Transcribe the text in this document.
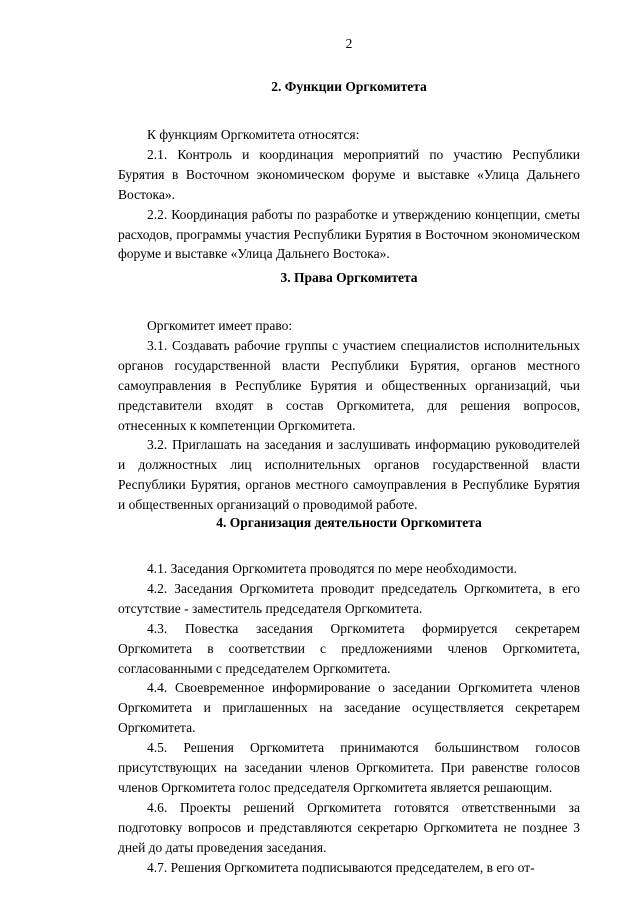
2
2. Функции Оргкомитета

К функциям Оргкомитета относятся:

2.1. Контроль и координация мероприятий по участию Республики Бурятия в Восточном экономическом форуме и выставке «Улица Дальнего Востока».

2.2. Координация работы по разработке и утверждению концепции, сметы расходов, программы участия Республики Бурятия в Восточном экономическом форуме и выставке «Улица Дальнего Востока».

3. Права Оргкомитета

Оргкомитет имеет право:

3.1. Создавать рабочие группы с участием специалистов исполнительных органов государственной власти Республики Бурятия, органов местного самоуправления в Республике Бурятия и общественных организаций, чьи представители входят в состав Оргкомитета, для решения вопросов, отнесенных к компетенции Оргкомитета.

3.2. Приглашать на заседания и заслушивать информацию руководителей и должностных лиц исполнительных органов государственной власти Республики Бурятия, органов местного самоуправления в Республике Бурятия и общественных организаций о проводимой работе.

4. Организация деятельности Оргкомитета

4.1. Заседания Оргкомитета проводятся по мере необходимости.

4.2. Заседания Оргкомитета проводит председатель Оргкомитета, в его отсутствие - заместитель председателя Оргкомитета.

4.3. Повестка заседания Оргкомитета формируется секретарем Оргкомитета в соответствии с предложениями членов Оргкомитета, согласованными с председателем Оргкомитета.

4.4. Своевременное информирование о заседании Оргкомитета членов Оргкомитета и приглашенных на заседание осуществляется секретарем Оргкомитета.

4.5. Решения Оргкомитета принимаются большинством голосов присутствующих на заседании членов Оргкомитета. При равенстве голосов членов Оргкомитета голос председателя Оргкомитета является решающим.

4.6. Проекты решений Оргкомитета готовятся ответственными за подготовку вопросов и представляются секретарю Оргкомитета не позднее 3 дней до даты проведения заседания.

4.7. Решения Оргкомитета подписываются председателем, в его от-
